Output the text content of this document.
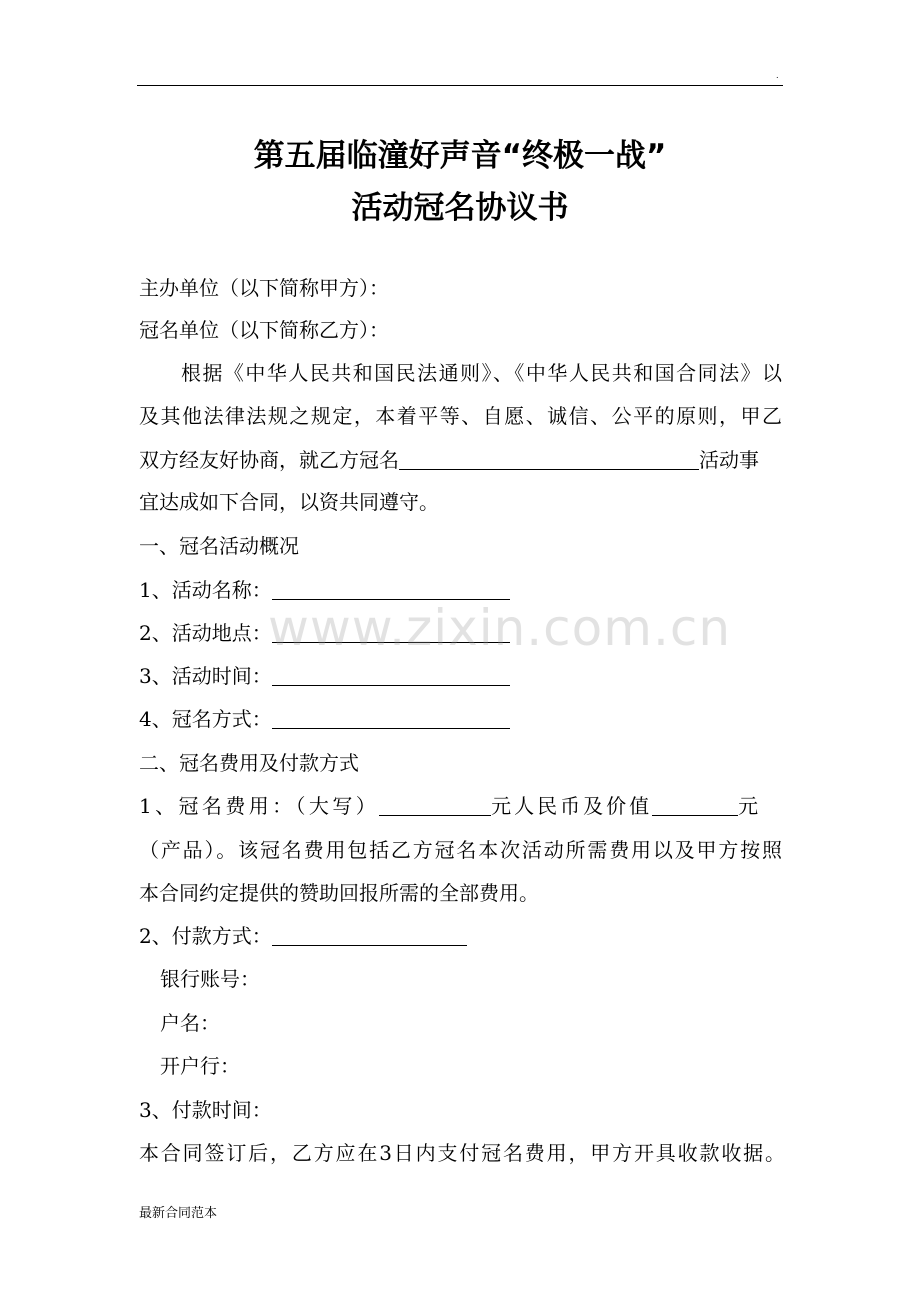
.
第五届临潼好声音“终极一战”
活动冠名协议书
主办单位（以下简称甲方）：
冠名单位（以下简称乙方）：
根据《中华人民共和国民法通则》、《中华人民共和国合同法》以
及其他法律法规之规定，本着平等、自愿、诚信、公平的原则，甲乙
双方经友好协商，就乙方冠名	活动事
宜达成如下合同，以资共同遵守。
一、冠名活动概况
1、活动名称：
2、活动地点：
3、活动时间：
4、冠名方式：
二、冠名费用及付款方式
1、冠名费用：（大写）	元人民币及价值	元
（产品）。该冠名费用包括乙方冠名本次活动所需费用以及甲方按照
本合同约定提供的赞助回报所需的全部费用。
2、付款方式：
银行账号：
户名：
开户行：
3、付款时间：
本合同签订后，乙方应在3日内支付冠名费用，甲方开具收款收据。
www.zixin.com.cn
最新合同范本
